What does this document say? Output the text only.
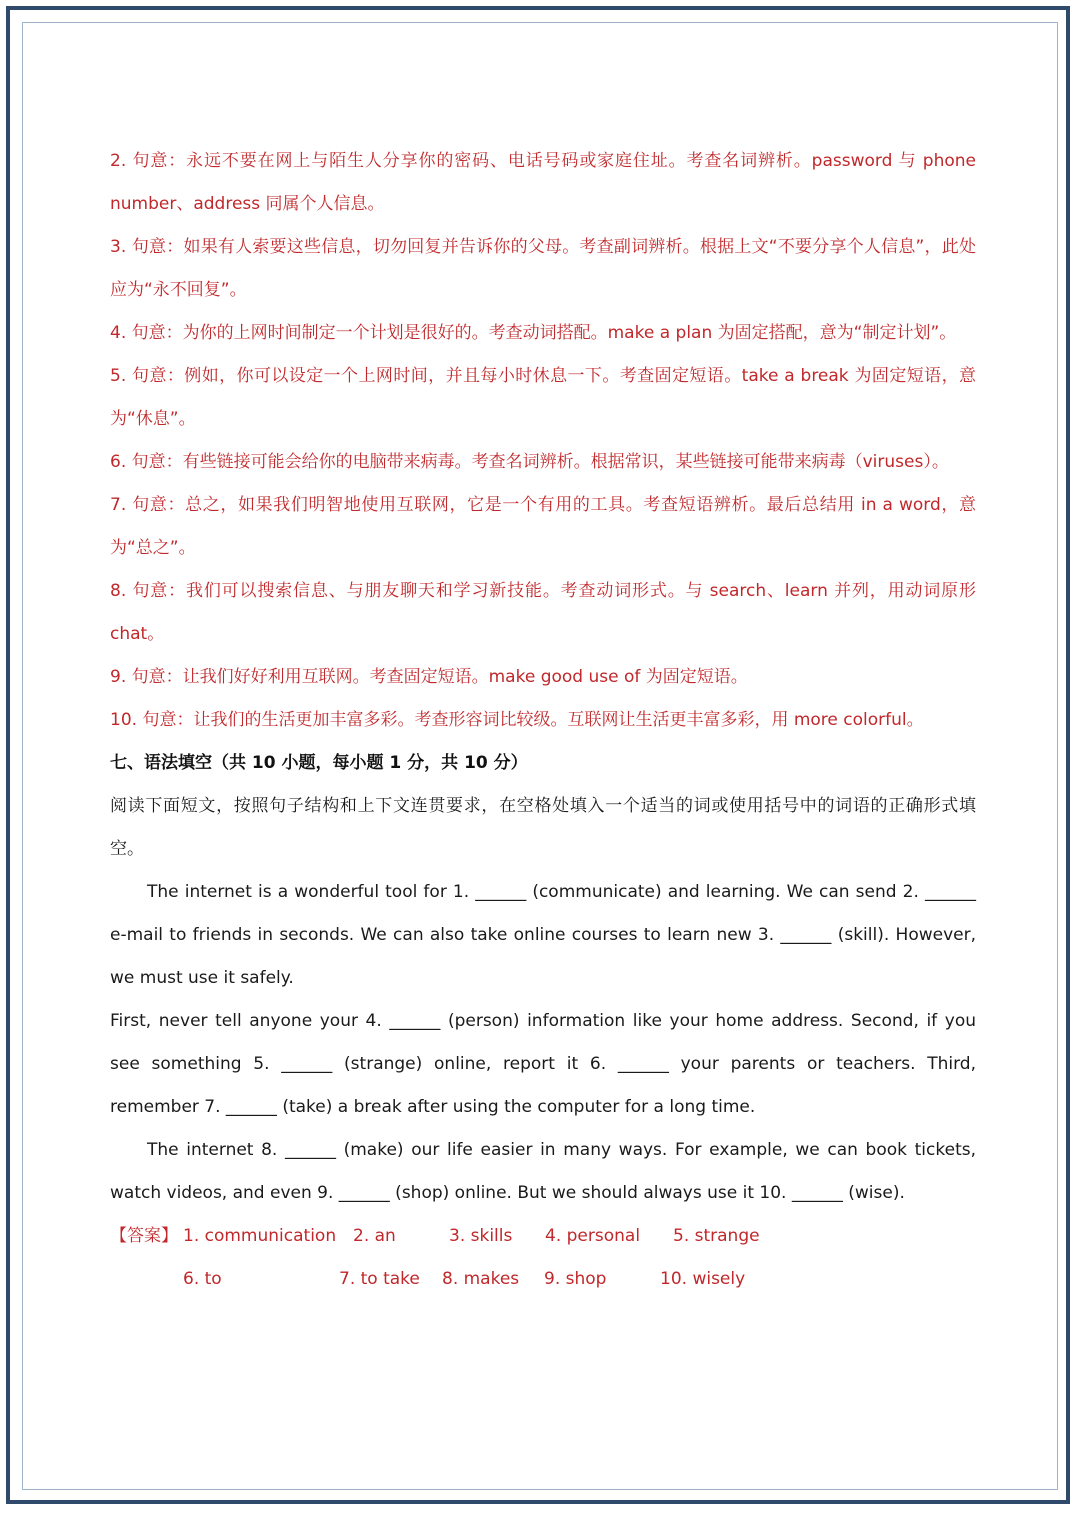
2. 句意：永远不要在网上与陌生人分享你的密码、电话号码或家庭住址。考查名词辨析。password 与 phone number、address 同属个人信息。

3. 句意：如果有人索要这些信息，切勿回复并告诉你的父母。考查副词辨析。根据上文“不要分享个人信息”，此处应为“永不回复”。

4. 句意：为你的上网时间制定一个计划是很好的。考查动词搭配。make a plan 为固定搭配，意为“制定计划”。

5. 句意：例如，你可以设定一个上网时间，并且每小时休息一下。考查固定短语。take a break 为固定短语，意为“休息”。

6. 句意：有些链接可能会给你的电脑带来病毒。考查名词辨析。根据常识，某些链接可能带来病毒（viruses）。

7. 句意：总之，如果我们明智地使用互联网，它是一个有用的工具。考查短语辨析。最后总结用 in a word，意为“总之”。

8. 句意：我们可以搜索信息、与朋友聊天和学习新技能。考查动词形式。与 search、learn 并列，用动词原形 chat。

9. 句意：让我们好好利用互联网。考查固定短语。make good use of 为固定短语。

10. 句意：让我们的生活更加丰富多彩。考查形容词比较级。互联网让生活更丰富多彩，用 more colorful。

七、语法填空（共 10 小题，每小题 1 分，共 10 分）

阅读下面短文，按照句子结构和上下文连贯要求，在空格处填入一个适当的词或使用括号中的词语的正确形式填空。

The internet is a wonderful tool for 1. ______ (communicate) and learning. We can send 2. ______ e-mail to friends in seconds. We can also take online courses to learn new 3. ______ (skill). However, we must use it safely.

First, never tell anyone your 4. ______ (person) information like your home address. Second, if you see something 5. ______ (strange) online, report it 6. ______ your parents or teachers. Third, remember 7. ______ (take) a break after using the computer for a long time.

The internet 8. ______ (make) our life easier in many ways. For example, we can book tickets, watch videos, and even 9. ______ (shop) online. But we should always use it 10. ______ (wise).

【答案】 1. communication 2. an	3. skills 4. personal 5. strange
6. to	7. to take 8. makes 9. shop	10. wisely
